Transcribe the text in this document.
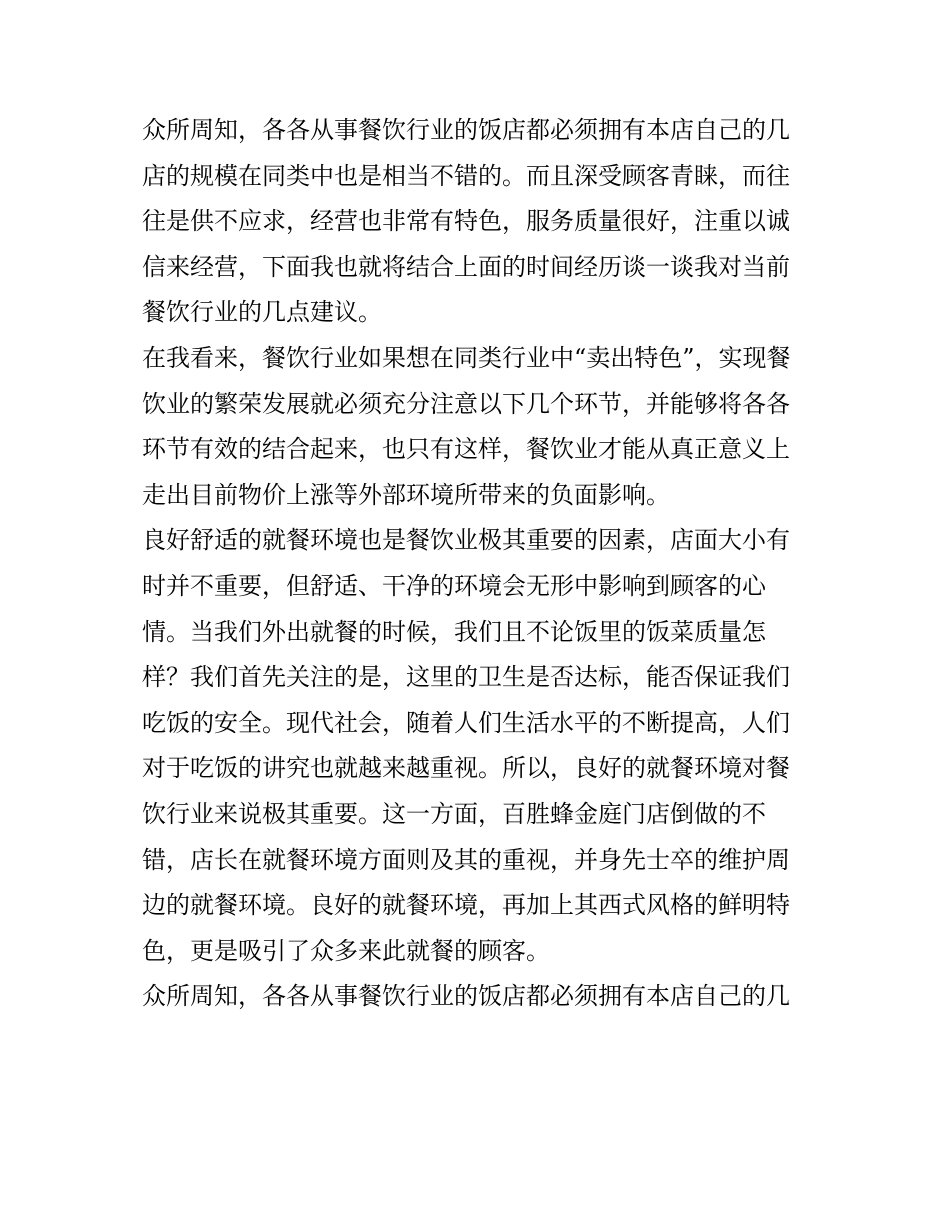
众所周知，各各从事餐饮行业的饭店都必须拥有本店自己的几
店的规模在同类中也是相当不错的。而且深受顾客青睐，而往
往是供不应求，经营也非常有特色，服务质量很好，注重以诚
信来经营，下面我也就将结合上面的时间经历谈一谈我对当前
餐饮行业的几点建议。
在我看来，餐饮行业如果想在同类行业中“卖出特色”，实现餐
饮业的繁荣发展就必须充分注意以下几个环节，并能够将各各
环节有效的结合起来，也只有这样，餐饮业才能从真正意义上
走出目前物价上涨等外部环境所带来的负面影响。
良好舒适的就餐环境也是餐饮业极其重要的因素，店面大小有
时并不重要，但舒适、干净的环境会无形中影响到顾客的心
情。当我们外出就餐的时候，我们且不论饭里的饭菜质量怎
样？我们首先关注的是，这里的卫生是否达标，能否保证我们
吃饭的安全。现代社会，随着人们生活水平的不断提高，人们
对于吃饭的讲究也就越来越重视。所以，良好的就餐环境对餐
饮行业来说极其重要。这一方面，百胜蜂金庭门店倒做的不
错，店长在就餐环境方面则及其的重视，并身先士卒的维护周
边的就餐环境。良好的就餐环境，再加上其西式风格的鲜明特
色，更是吸引了众多来此就餐的顾客。
众所周知，各各从事餐饮行业的饭店都必须拥有本店自己的几
